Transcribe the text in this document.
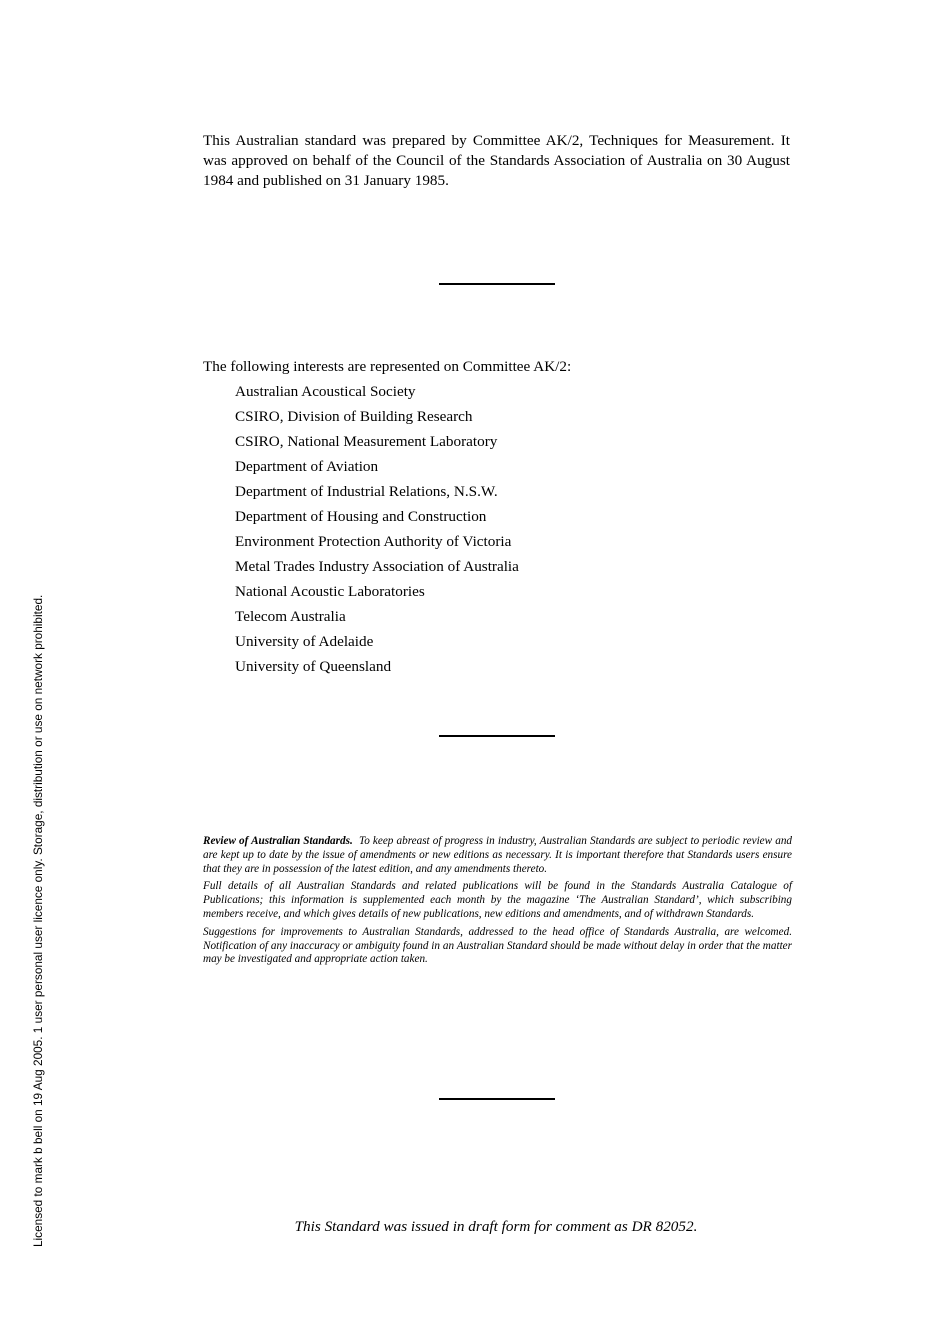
This Australian standard was prepared by Committee AK/2, Techniques for Measurement. It was approved on behalf of the Council of the Standards Association of Australia on 30 August 1984 and published on 31 January 1985.

The following interests are represented on Committee AK/2:

Australian Acoustical Society
CSIRO, Division of Building Research
CSIRO, National Measurement Laboratory
Department of Aviation
Department of Industrial Relations, N.S.W.
Department of Housing and Construction
Environment Protection Authority of Victoria
Metal Trades Industry Association of Australia
National Acoustic Laboratories
Telecom Australia
University of Adelaide
University of Queensland

Review of Australian Standards. To keep abreast of progress in industry, Australian Standards are subject to periodic review and are kept up to date by the issue of amendments or new editions as necessary. It is important therefore that Standards users ensure that they are in possession of the latest edition, and any amendments thereto.

Full details of all Australian Standards and related publications will be found in the Standards Australia Catalogue of Publications; this information is supplemented each month by the magazine ‘The Australian Standard’, which subscribing members receive, and which gives details of new publications, new editions and amendments, and of withdrawn Standards.

Suggestions for improvements to Australian Standards, addressed to the head office of Standards Australia, are welcomed. Notification of any inaccuracy or ambiguity found in an Australian Standard should be made without delay in order that the matter may be investigated and appropriate action taken.

This Standard was issued in draft form for comment as DR 82052.

Licensed to mark b bell on 19 Aug 2005. 1 user personal user licence only. Storage, distribution or use on network prohibited.
